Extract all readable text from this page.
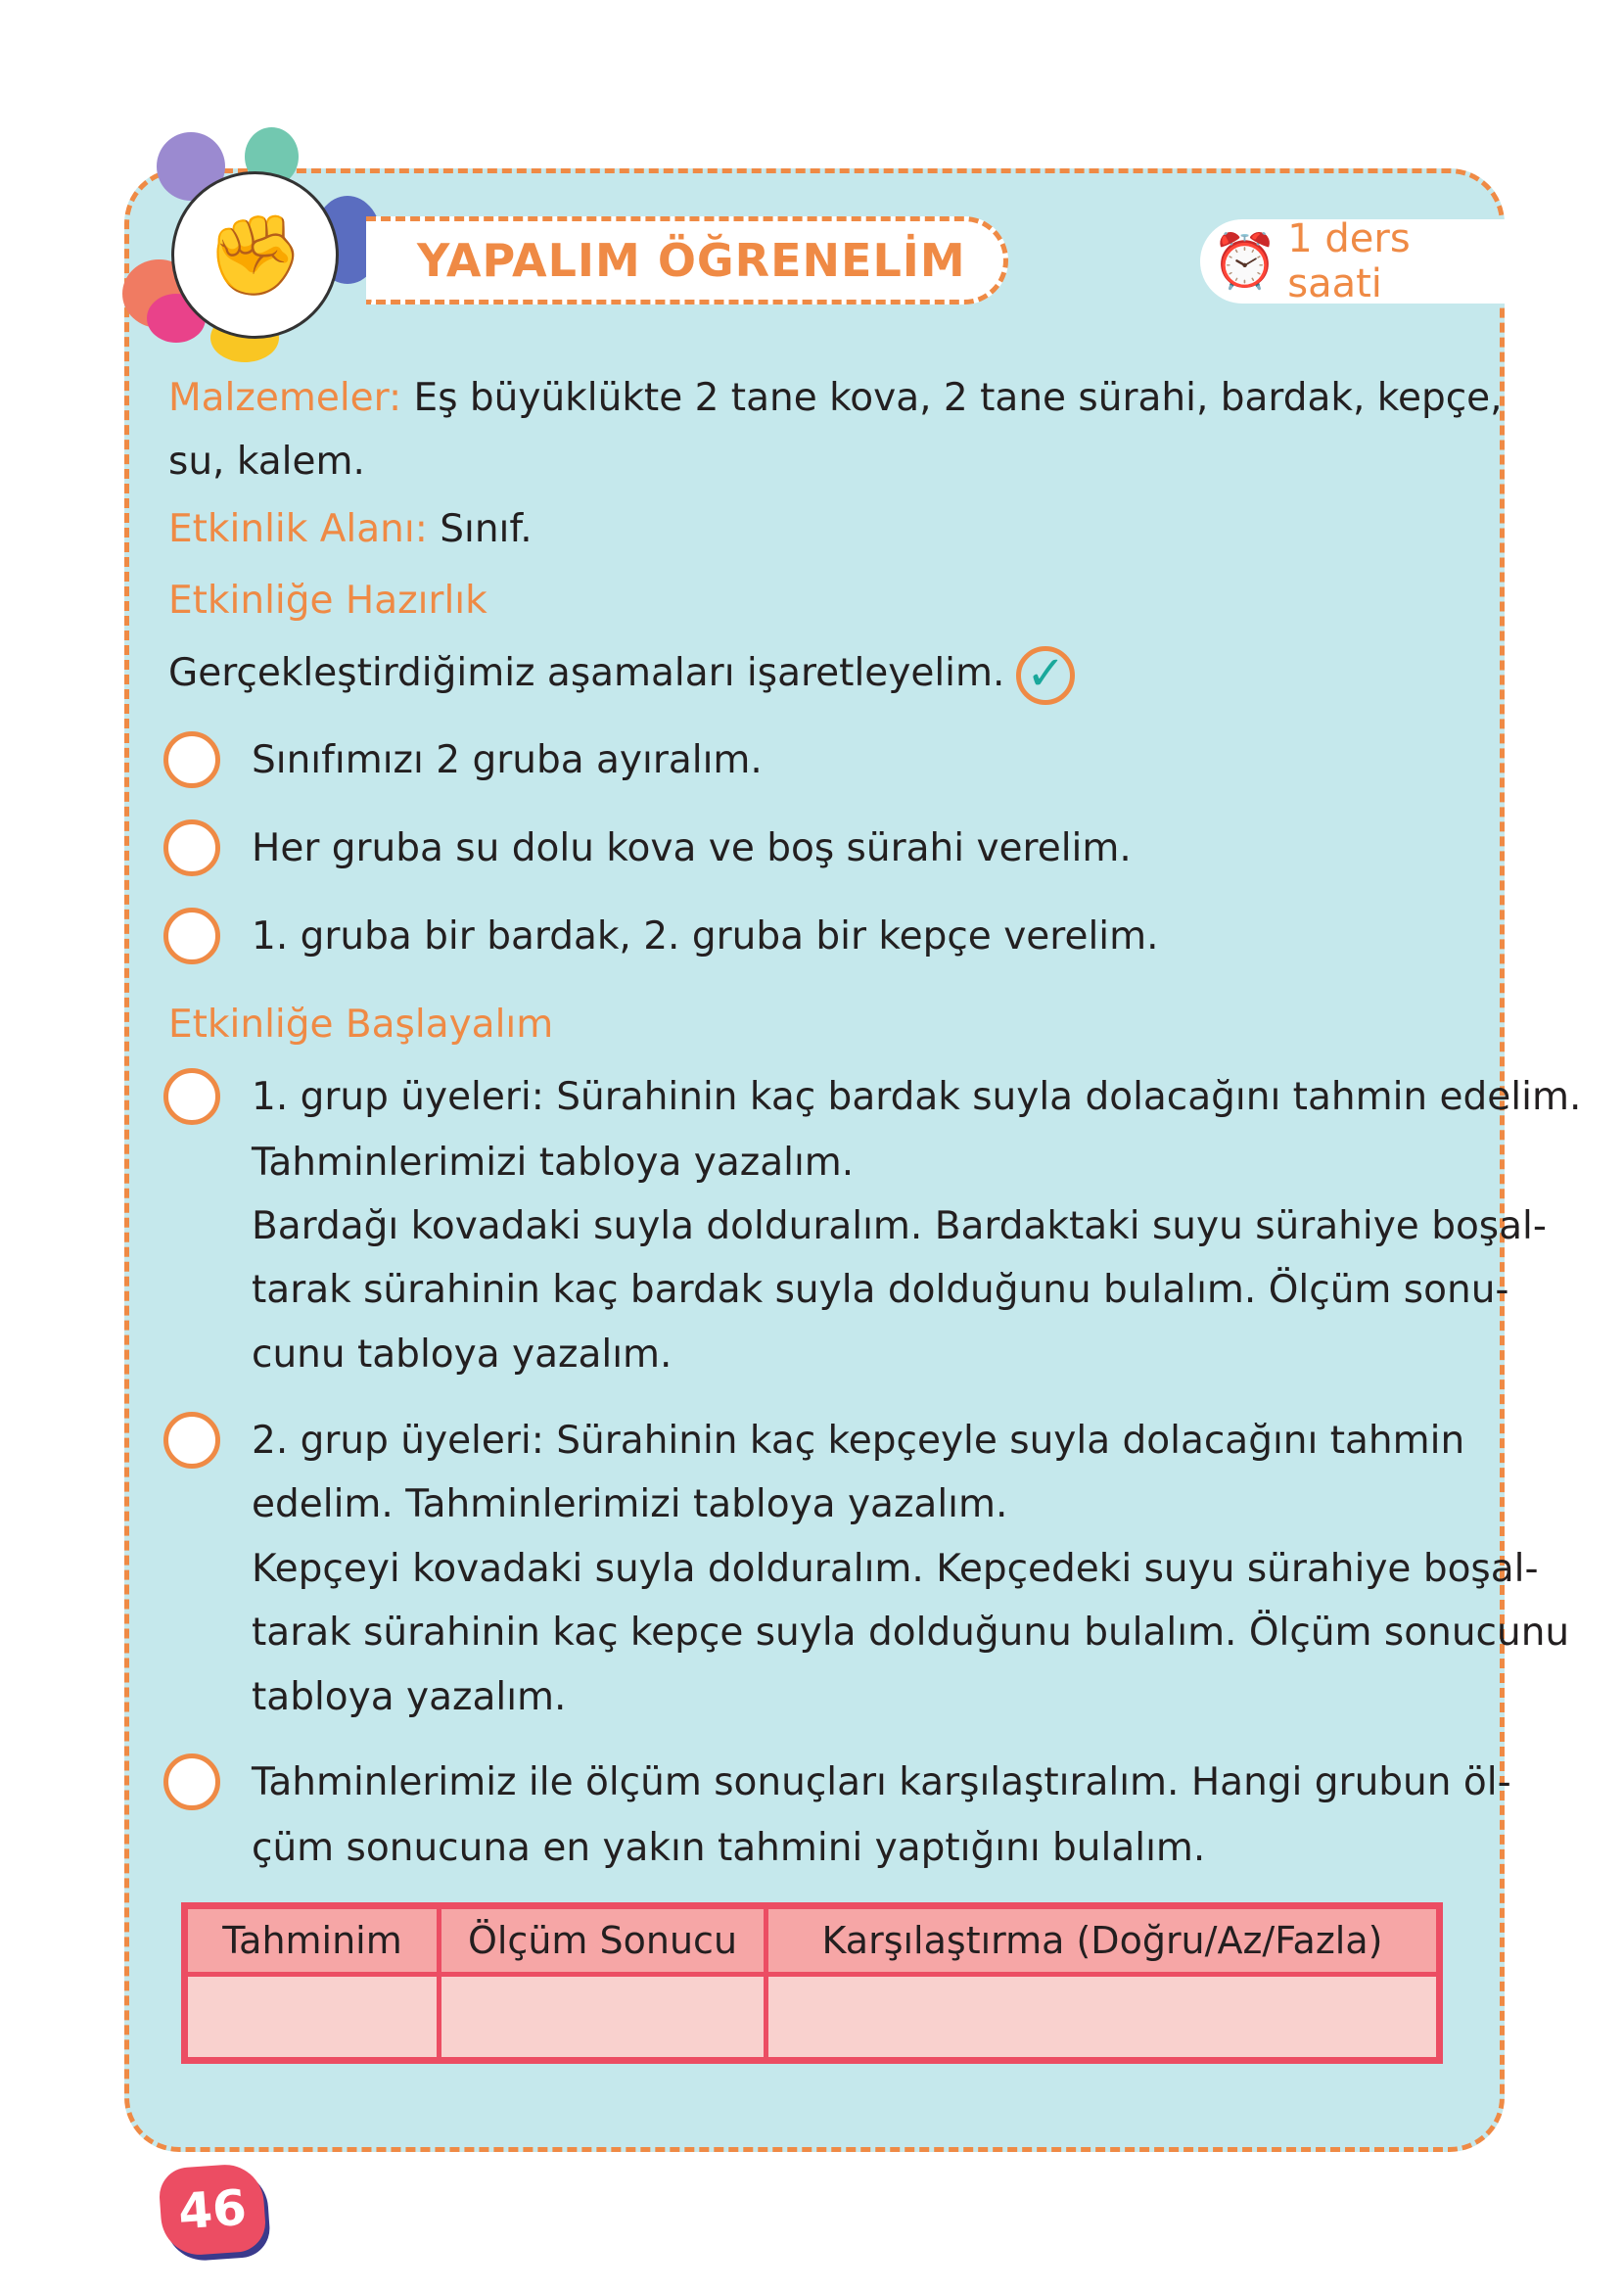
✊	YAPALIM ÖĞRENELİM	⏰ 1 ders saati
Malzemeler: Eş büyüklükte 2 tane kova, 2 tane sürahi, bardak, kepçe,
su, kalem.
Etkinlik Alanı: Sınıf.
Etkinliğe Hazırlık
Gerçekleştirdiğimiz aşamaları işaretleyelim. ✓
Sınıfımızı 2 gruba ayıralım.
Her gruba su dolu kova ve boş sürahi verelim.
1. gruba bir bardak, 2. gruba bir kepçe verelim.
Etkinliğe Başlayalım
1. grup üyeleri: Sürahinin kaç bardak suyla dolacağını tahmin edelim.
Tahminlerimizi tabloya yazalım.
Bardağı kovadaki suyla dolduralım. Bardaktaki suyu sürahiye boşal-
tarak sürahinin kaç bardak suyla dolduğunu bulalım. Ölçüm sonu-
cunu tabloya yazalım.
2. grup üyeleri: Sürahinin kaç kepçeyle suyla dolacağını tahmin
edelim. Tahminlerimizi tabloya yazalım.
Kepçeyi kovadaki suyla dolduralım. Kepçedeki suyu sürahiye boşal-
tarak sürahinin kaç kepçe suyla dolduğunu bulalım. Ölçüm sonucunu
tabloya yazalım.
Tahminlerimiz ile ölçüm sonuçları karşılaştıralım. Hangi grubun öl-
çüm sonucuna en yakın tahmini yaptığını bulalım.
Tahminim	Ölçüm Sonucu	Karşılaştırma (Doğru/Az/Fazla)

46
